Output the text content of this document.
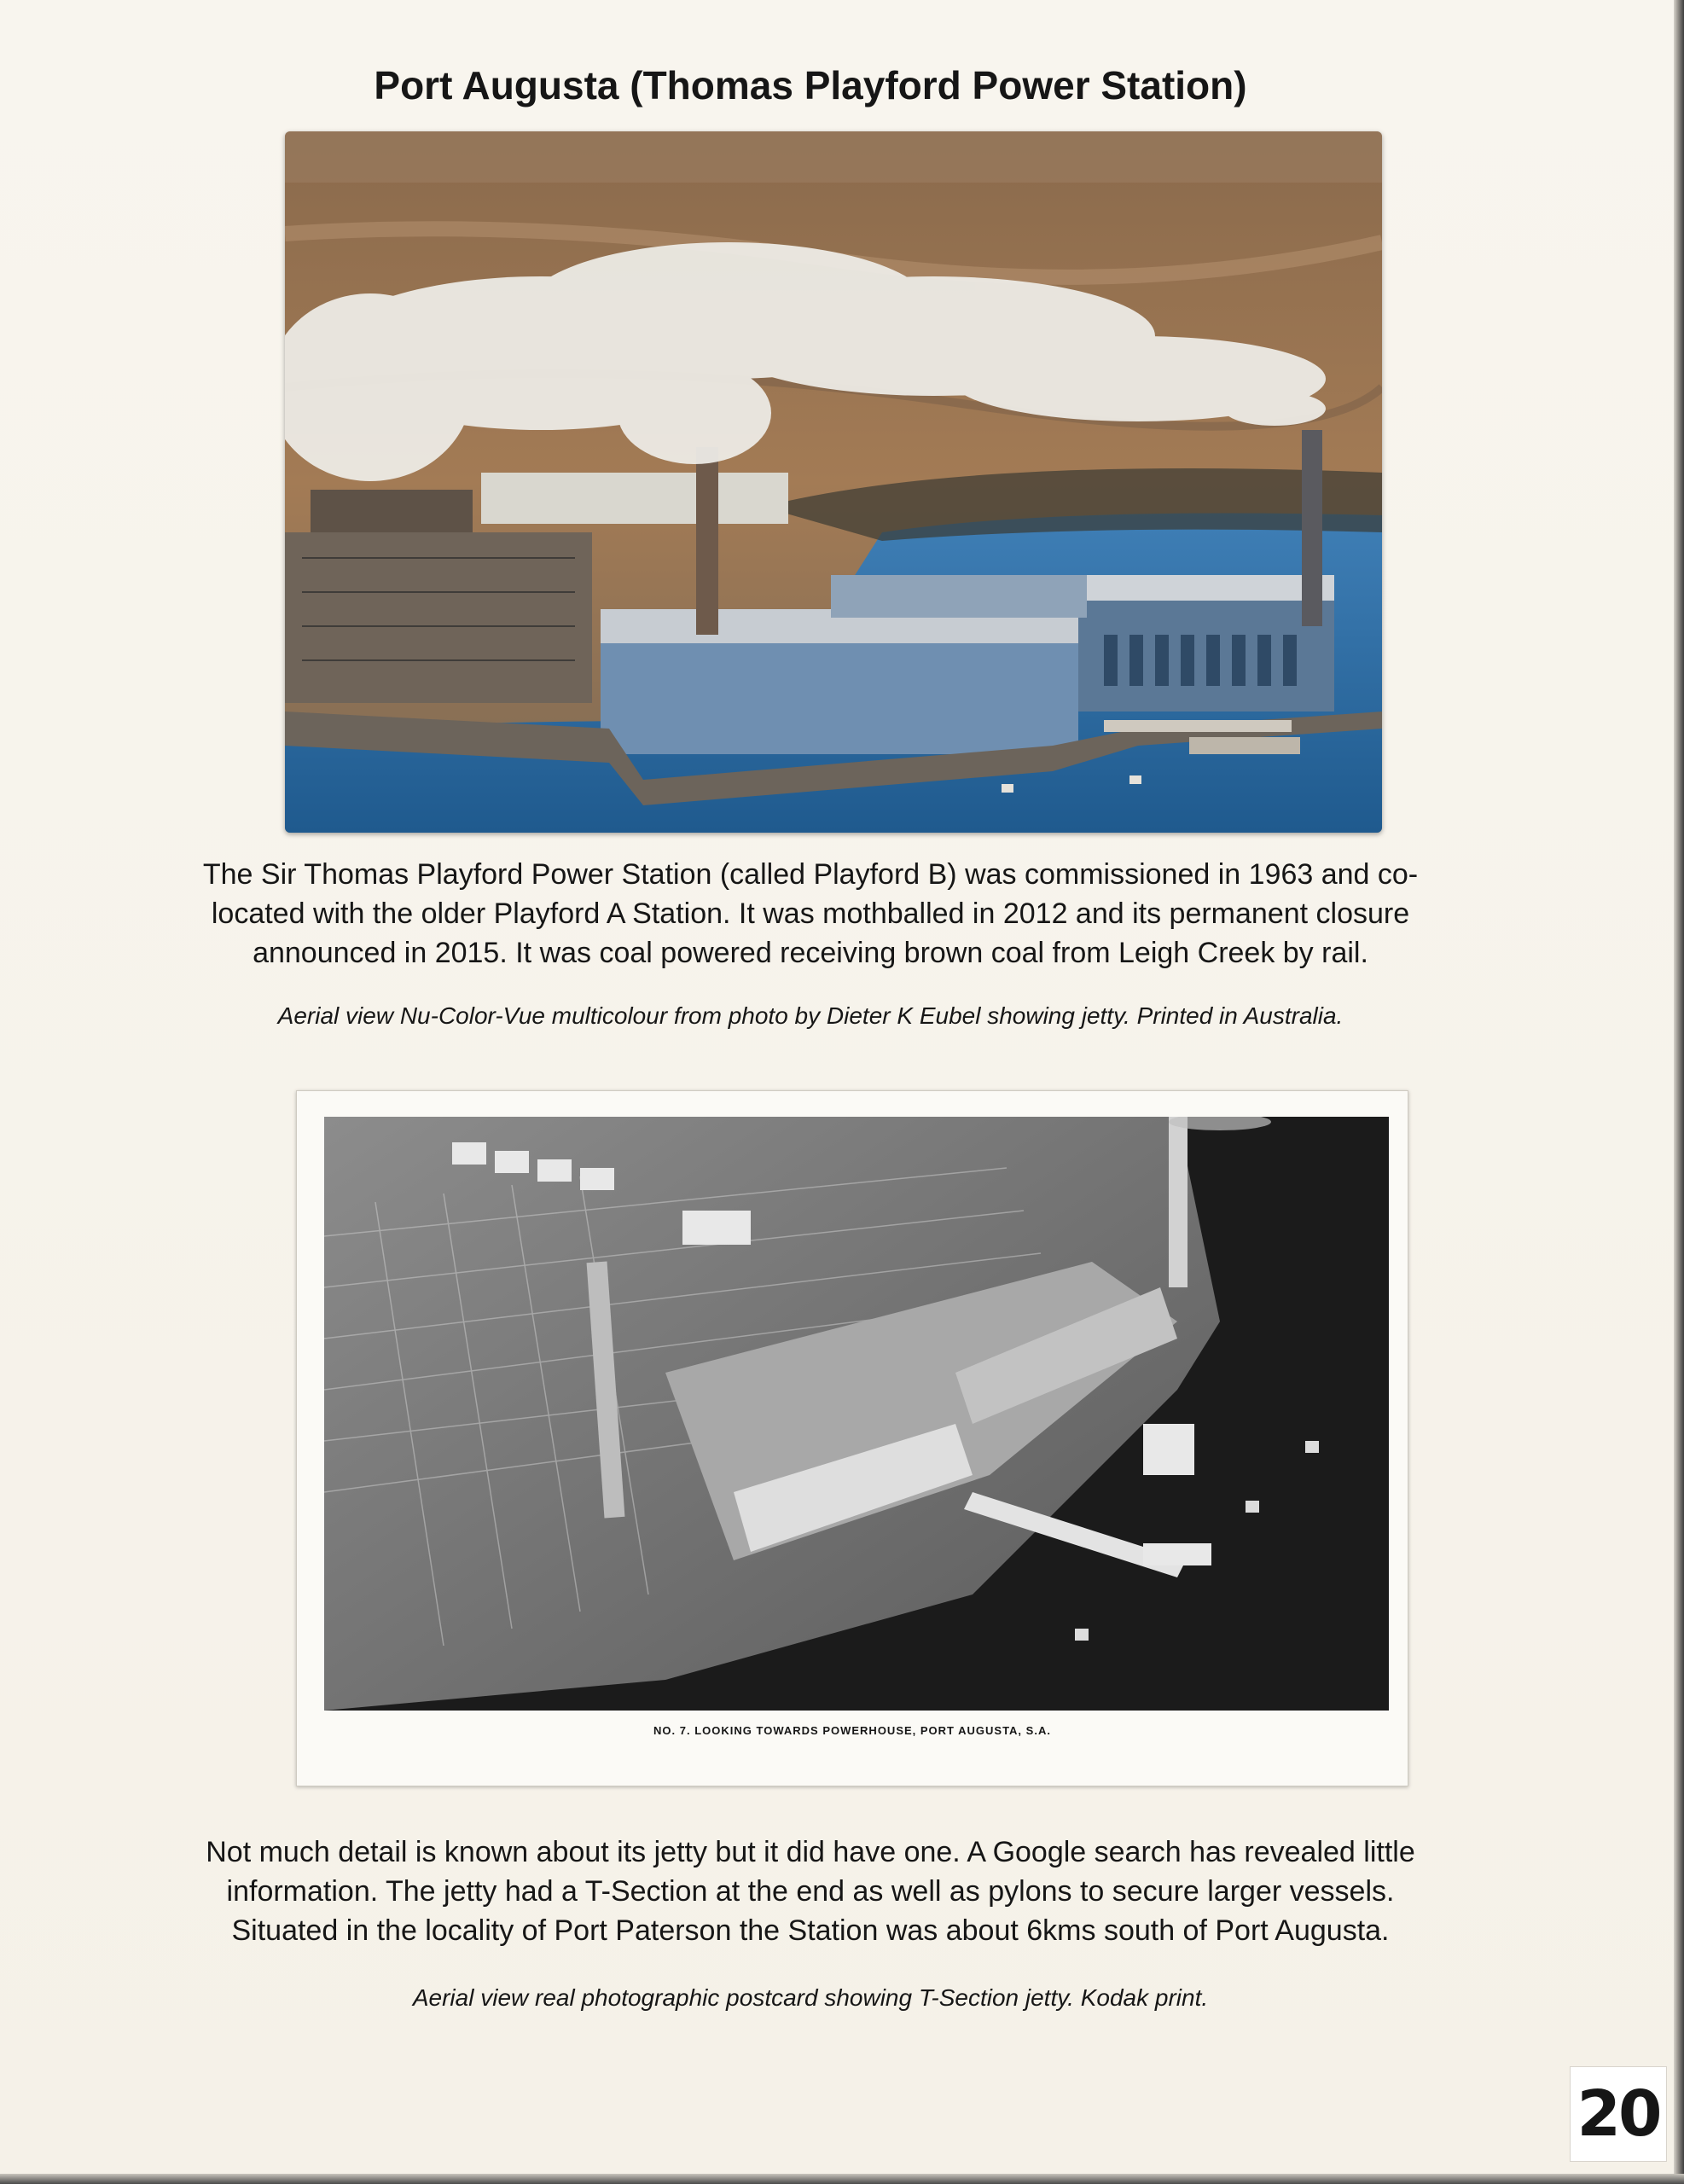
Port Augusta (Thomas Playford Power Station)

The Sir Thomas Playford Power Station (called Playford B) was commissioned in 1963 and co-

located with the older Playford A Station. It was mothballed in 2012 and its permanent closure

announced in 2015. It was coal powered receiving brown coal from Leigh Creek by rail.

Aerial view Nu-Color-Vue multicolour from photo by Dieter K Eubel showing jetty. Printed in Australia.
NO. 7. LOOKING TOWARDS POWERHOUSE, PORT AUGUSTA, S.A.

Not much detail is known about its jetty but it did have one. A Google search has revealed little

information. The jetty had a T-Section at the end as well as pylons to secure larger vessels.

Situated in the locality of Port Paterson the Station was about 6kms south of Port Augusta.

Aerial view real photographic postcard showing T-Section jetty. Kodak print.
20
